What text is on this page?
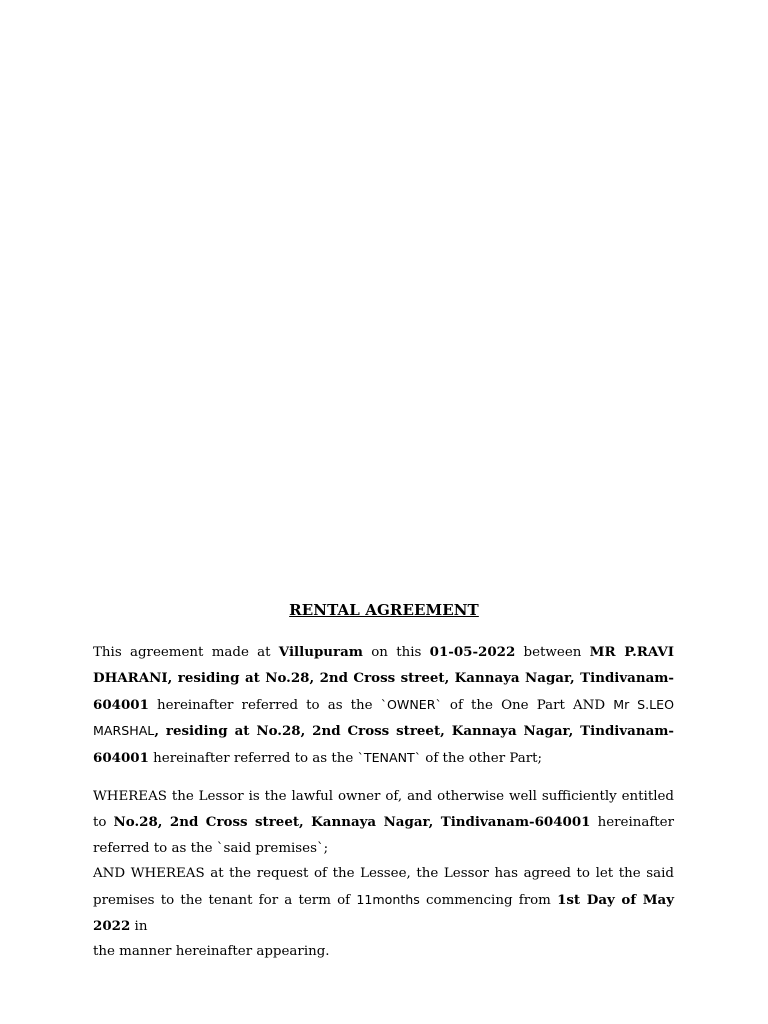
RENTAL AGREEMENT
This agreement made at Villupuram on this 01-05-2022 between MR P.RAVI DHARANI, residing at No.28, 2nd Cross street, Kannaya Nagar, Tindivanam-604001 hereinafter referred to as the `OWNER` of the One Part AND Mr S.LEO MARSHAL, residing at No.28, 2nd Cross street, Kannaya Nagar, Tindivanam-604001 hereinafter referred to as the `TENANT` of the other Part;
WHEREAS the Lessor is the lawful owner of, and otherwise well sufficiently entitled to No.28, 2nd Cross street, Kannaya Nagar, Tindivanam-604001 hereinafter referred to as the `said premises`;
AND WHEREAS at the request of the Lessee, the Lessor has agreed to let the said premises to the tenant for a term of 11months commencing from 1st Day of May 2022 in
the manner hereinafter appearing.
